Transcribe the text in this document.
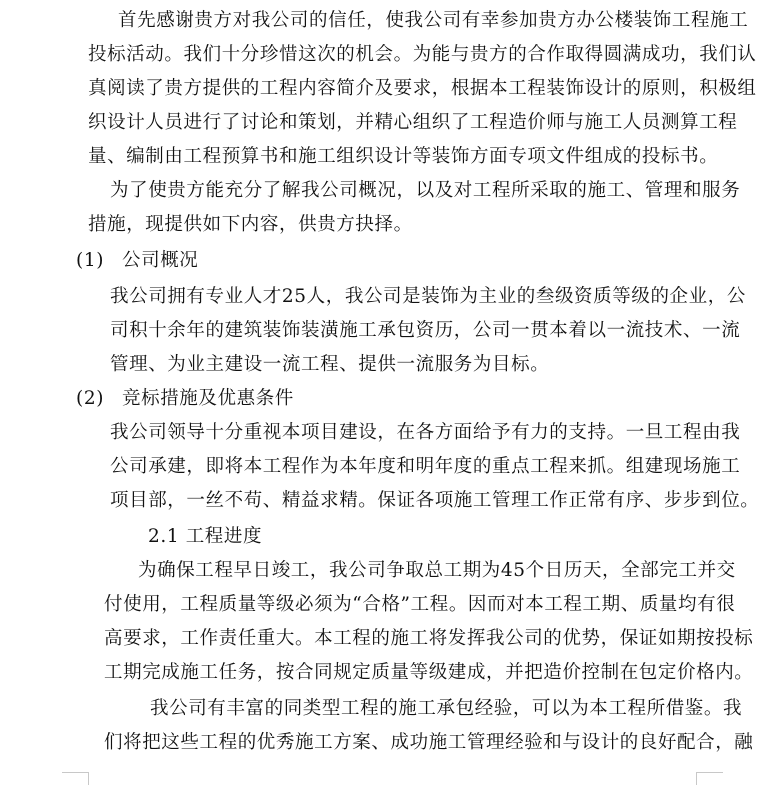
首先感谢贵方对我公司的信任，使我公司有幸参加贵方办公楼装饰工程施工
投标活动。我们十分珍惜这次的机会。为能与贵方的合作取得圆满成功，我们认
真阅读了贵方提供的工程内容简介及要求，根据本工程装饰设计的原则，积极组
织设计人员进行了讨论和策划，并精心组织了工程造价师与施工人员测算工程
量、编制由工程预算书和施工组织设计等装饰方面专项文件组成的投标书。
为了使贵方能充分了解我公司概况，以及对工程所采取的施工、管理和服务
措施，现提供如下内容，供贵方抉择。
(1) 公司概况
我公司拥有专业人才25人，我公司是装饰为主业的叁级资质等级的企业，公
司积十余年的建筑装饰装潢施工承包资历，公司一贯本着以一流技术、一流
管理、为业主建设一流工程、提供一流服务为目标。
(2) 竞标措施及优惠条件
我公司领导十分重视本项目建设，在各方面给予有力的支持。一旦工程由我
公司承建，即将本工程作为本年度和明年度的重点工程来抓。组建现场施工
项目部，一丝不苟、精益求精。保证各项施工管理工作正常有序、步步到位。
2.1 工程进度
为确保工程早日竣工，我公司争取总工期为45个日历天，全部完工并交
付使用，工程质量等级必须为“合格”工程。因而对本工程工期、质量均有很
高要求，工作责任重大。本工程的施工将发挥我公司的优势，保证如期按投标
工期完成施工任务，按合同规定质量等级建成，并把造价控制在包定价格内。
我公司有丰富的同类型工程的施工承包经验，可以为本工程所借鉴。我
们将把这些工程的优秀施工方案、成功施工管理经验和与设计的良好配合，融
